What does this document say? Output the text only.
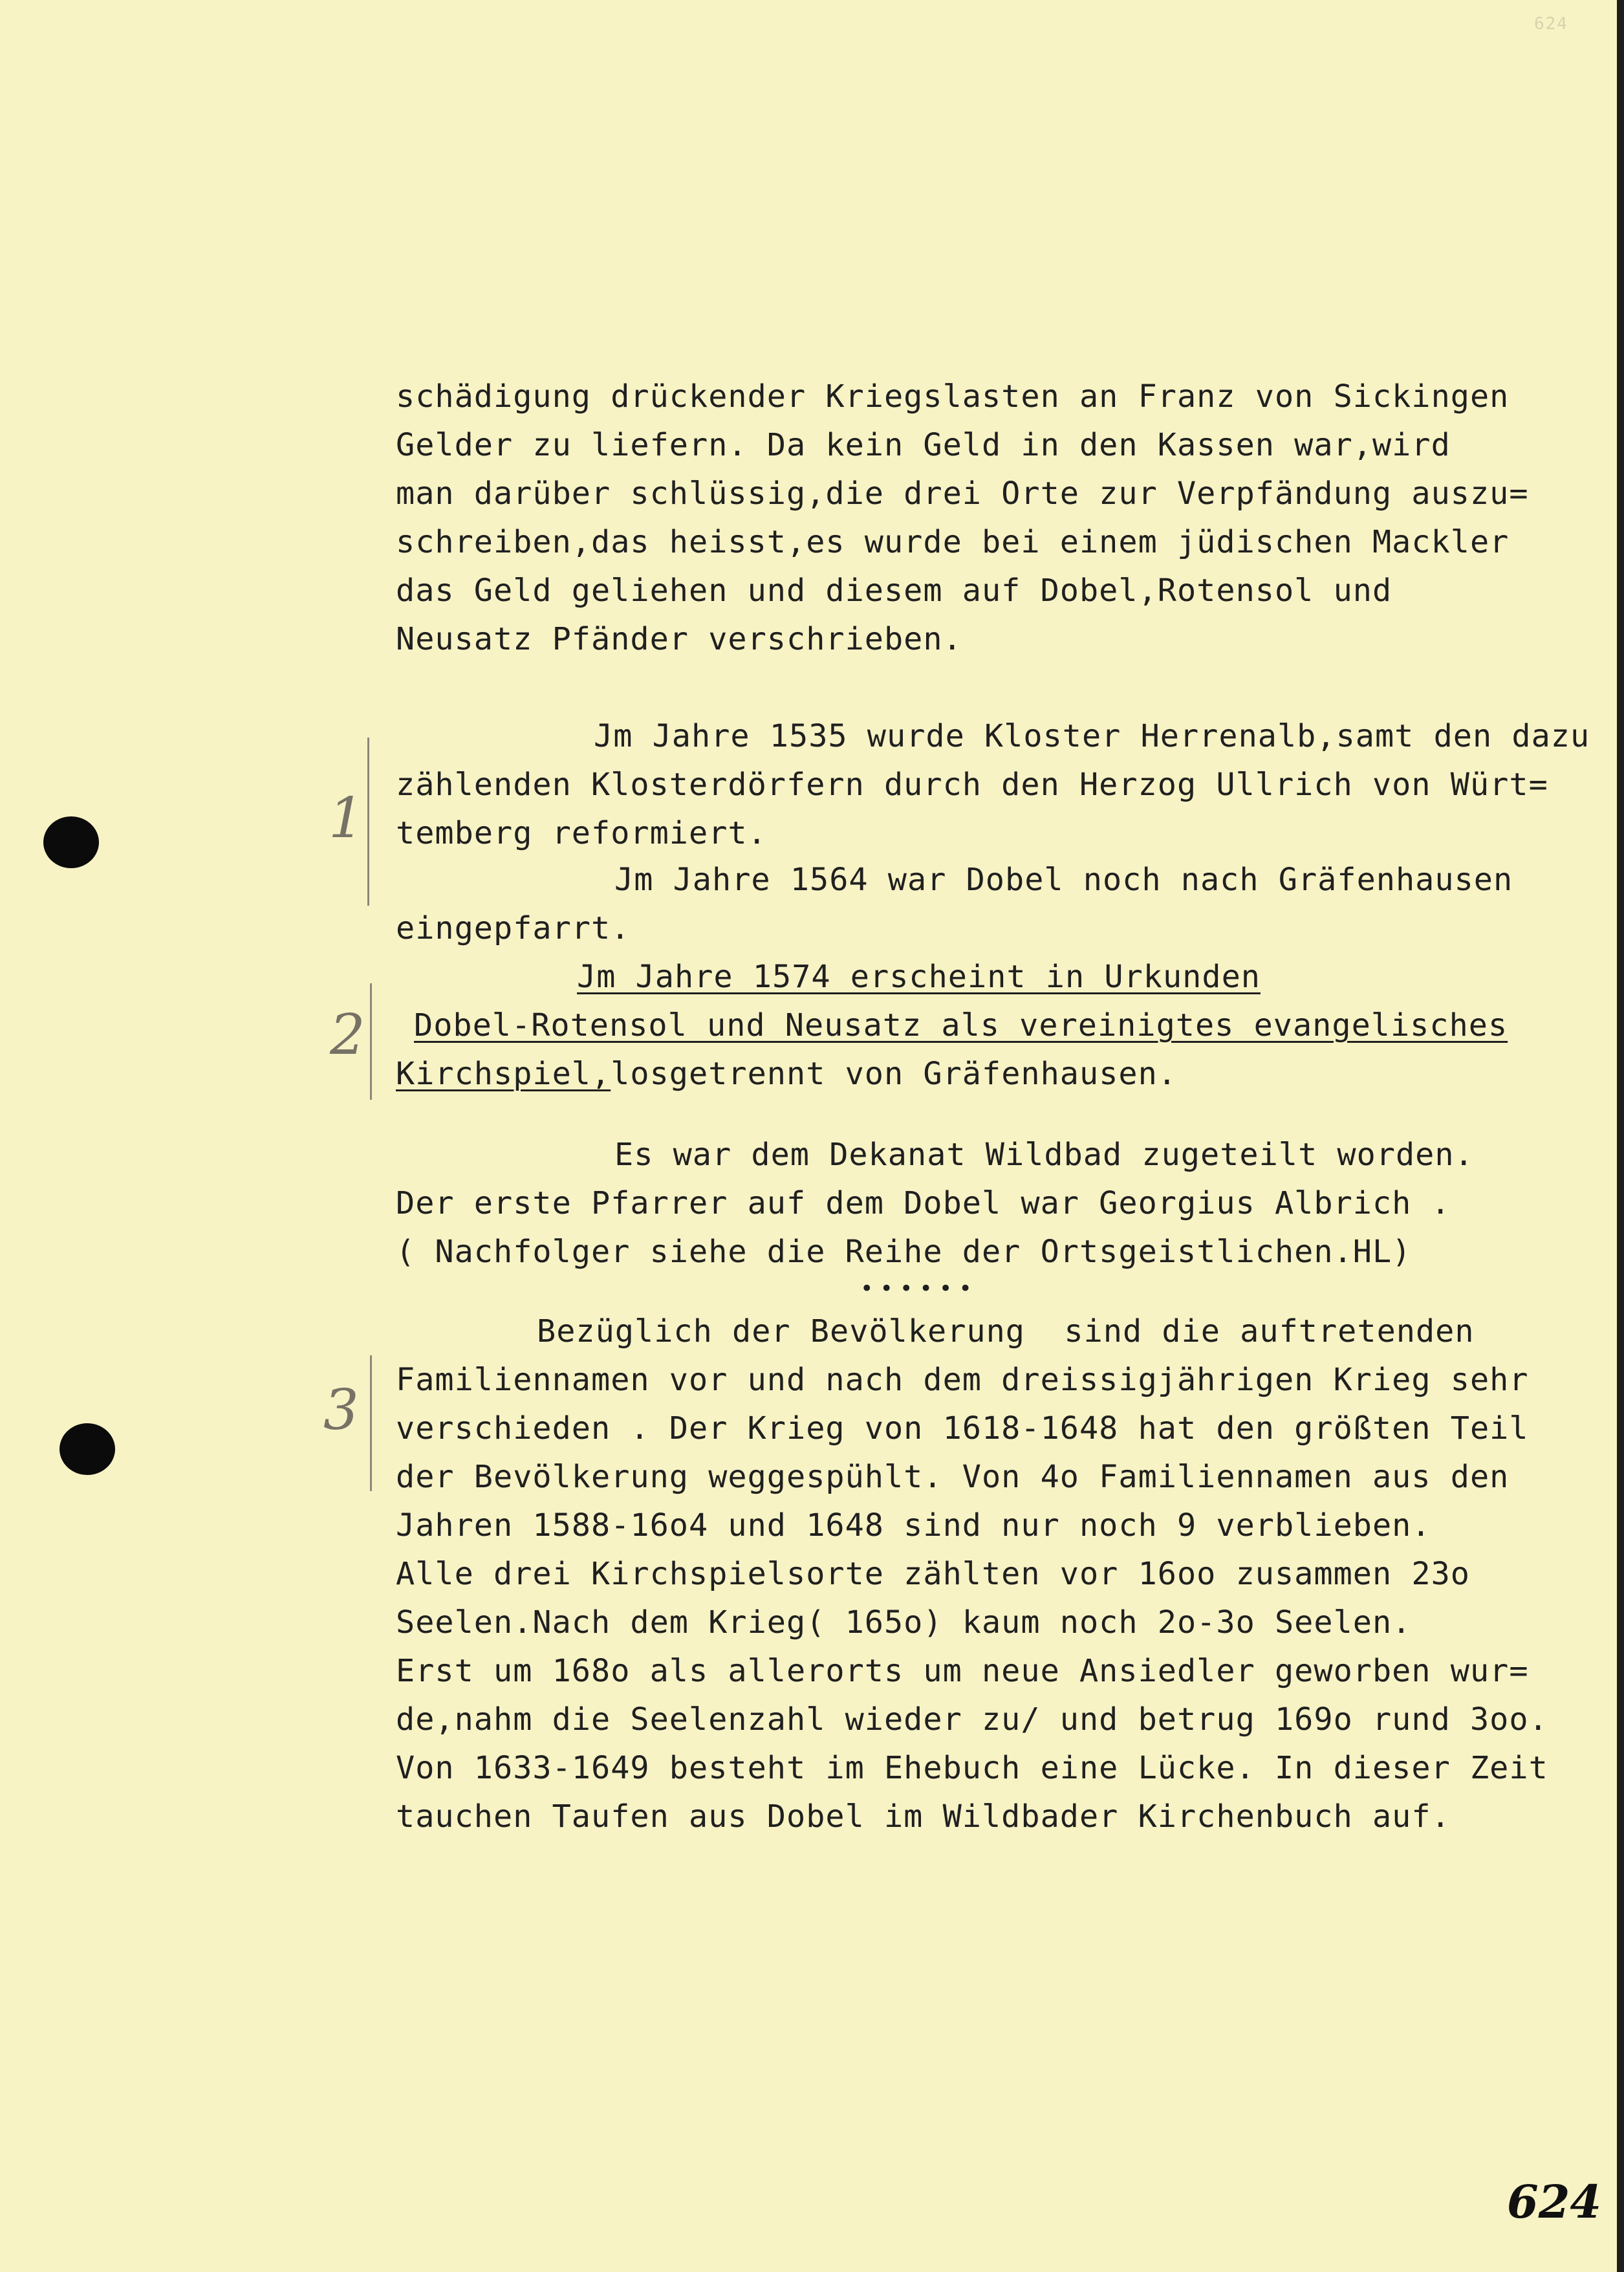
624
schädigung drückender Kriegslasten an Franz von Sickingen
Gelder zu liefern. Da kein Geld in den Kassen war,wird
man darüber schlüssig,die drei Orte zur Verpfändung auszu=
schreiben,das heisst,es wurde bei einem jüdischen Mackler
das Geld geliehen und diesem auf Dobel,Rotensol und
Neusatz Pfänder verschrieben.
Jm Jahre 1535 wurde Kloster Herrenalb,samt den dazu
zählenden Klosterdörfern durch den Herzog Ullrich von Würt=
temberg reformiert.
Jm Jahre 1564 war Dobel noch nach Gräfenhausen
eingepfarrt.
Jm Jahre 1574 erscheint in Urkunden
Dobel-Rotensol und Neusatz als vereinigtes evangelisches
Kirchspiel,losgetrennt von Gräfenhausen.
Es war dem Dekanat Wildbad zugeteilt worden.
Der erste Pfarrer auf dem Dobel war Georgius Albrich .
( Nachfolger siehe die Reihe der Ortsgeistlichen.HL)
••••••
Bezüglich der Bevölkerung  sind die auftretenden
Familiennamen vor und nach dem dreissigjährigen Krieg sehr
verschieden . Der Krieg von 1618-1648 hat den größten Teil
der Bevölkerung weggespühlt. Von 4o Familiennamen aus den
Jahren 1588-16o4 und 1648 sind nur noch 9 verblieben.
Alle drei Kirchspielsorte zählten vor 16oo zusammen 23o
Seelen.Nach dem Krieg( 165o) kaum noch 2o-3o Seelen.
Erst um 168o als allerorts um neue Ansiedler geworben wur=
de,nahm die Seelenzahl wieder zu/ und betrug 169o rund 3oo.
Von 1633-1649 besteht im Ehebuch eine Lücke. In dieser Zeit
tauchen Taufen aus Dobel im Wildbader Kirchenbuch auf.
1
2
3
624
